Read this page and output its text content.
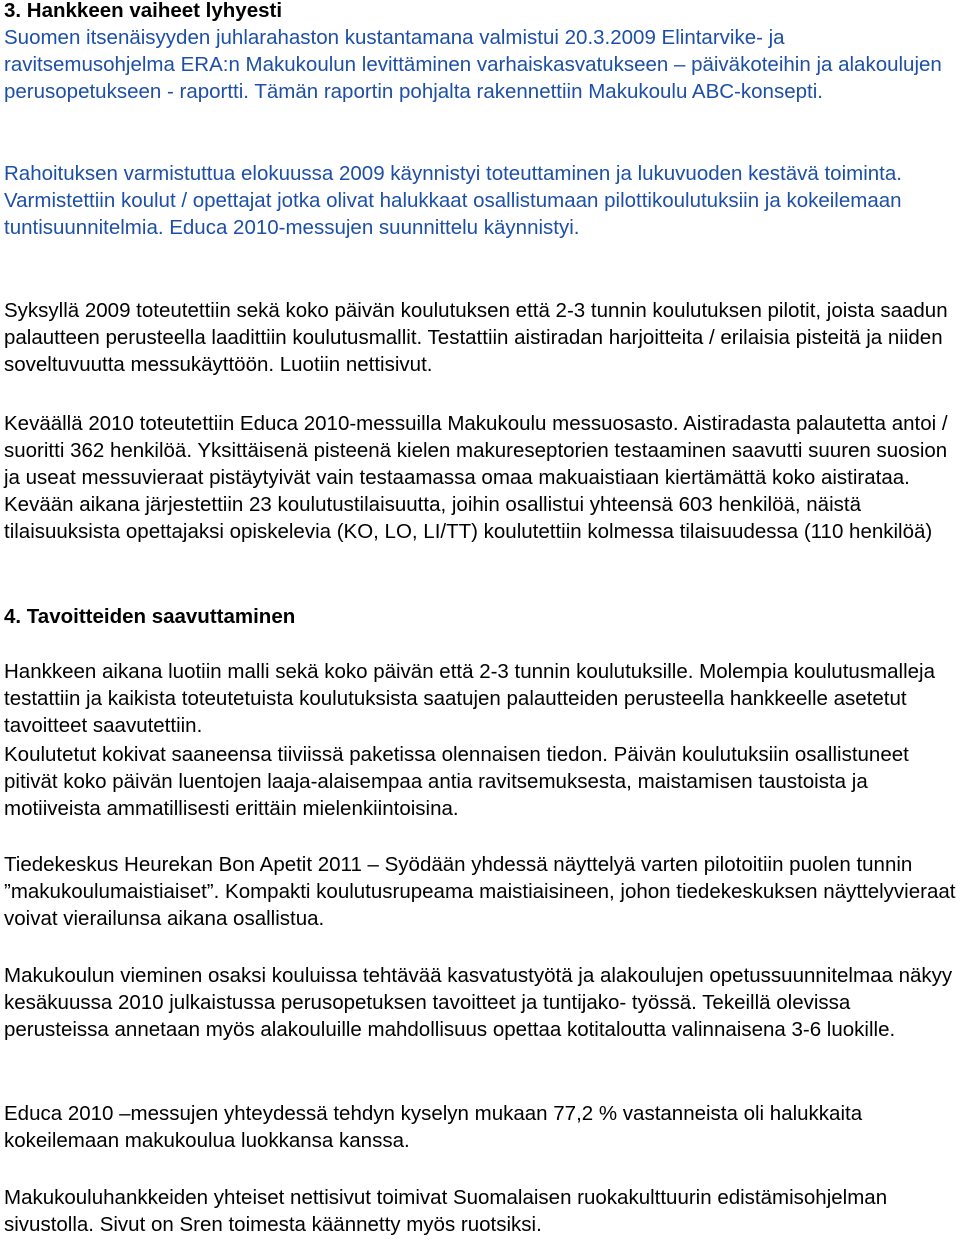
3. Hankkeen vaiheet lyhyesti
Suomen itsenäisyyden juhlarahaston kustantamana valmistui 20.3.2009 Elintarvike- ja ravitsemusohjelma ERA:n Makukoulun levittäminen varhaiskasvatukseen – päiväkoteihin ja alakoulujen perusopetukseen - raportti. Tämän raportin pohjalta rakennettiin Makukoulu ABC-konsepti.
Rahoituksen varmistuttua elokuussa 2009 käynnistyi toteuttaminen ja lukuvuoden kestävä toiminta. Varmistettiin koulut / opettajat jotka olivat halukkaat osallistumaan pilottikoulutuksiin ja kokeilemaan tuntisuunnitelmia. Educa 2010-messujen suunnittelu käynnistyi.
Syksyllä 2009 toteutettiin sekä koko päivän koulutuksen että 2-3 tunnin koulutuksen pilotit, joista saadun palautteen perusteella laadittiin koulutusmallit. Testattiin aistiradan harjoitteita / erilaisia pisteitä ja niiden soveltuvuutta messukäyttöön. Luotiin nettisivut.
Keväällä 2010 toteutettiin Educa 2010-messuilla Makukoulu messuosasto. Aistiradasta palautetta antoi / suoritti 362 henkilöä. Yksittäisenä pisteenä kielen makureseptorien testaaminen saavutti suuren suosion ja useat messuvieraat pistäytyivät vain testaamassa omaa makuaistiaan kiertämättä koko aistirataa. Kevään aikana järjestettiin 23 koulutustilaisuutta, joihin osallistui yhteensä 603 henkilöä, näistä tilaisuuksista opettajaksi opiskelevia (KO, LO, LI/TT) koulutettiin kolmessa tilaisuudessa (110 henkilöä)
4. Tavoitteiden saavuttaminen
Hankkeen aikana luotiin malli sekä koko päivän että 2-3 tunnin koulutuksille. Molempia koulutusmalleja testattiin ja kaikista toteutetuista koulutuksista saatujen palautteiden perusteella hankkeelle asetetut tavoitteet saavutettiin.
Koulutetut kokivat saaneensa tiiviissä paketissa olennaisen tiedon. Päivän koulutuksiin osallistuneet pitivät koko päivän luentojen laaja-alaisempaa antia ravitsemuksesta, maistamisen taustoista ja motiiveista ammatillisesti erittäin mielenkiintoisina.
Tiedekeskus Heurekan Bon Apetit 2011 – Syödään yhdessä näyttelyä varten pilotoitiin puolen tunnin ”makukoulumaistiaiset”. Kompakti koulutusrupeama maistiaisineen, johon tiedekeskuksen näyttelyvieraat voivat vierailunsa aikana osallistua.
Makukoulun vieminen osaksi kouluissa tehtävää kasvatustyötä ja alakoulujen opetussuunnitelmaa näkyy kesäkuussa 2010 julkaistussa perusopetuksen tavoitteet ja tuntijako- työssä. Tekeillä olevissa perusteissa annetaan myös alakouluille mahdollisuus opettaa kotitaloutta valinnaisena 3-6 luokille.
Educa 2010 –messujen yhteydessä tehdyn kyselyn mukaan 77,2 % vastanneista oli halukkaita kokeilemaan makukoulua luokkansa kanssa.
Makukouluhankkeiden yhteiset nettisivut toimivat Suomalaisen ruokakulttuurin edistämisohjelman sivustolla. Sivut on Sren toimesta käännetty myös ruotsiksi.
